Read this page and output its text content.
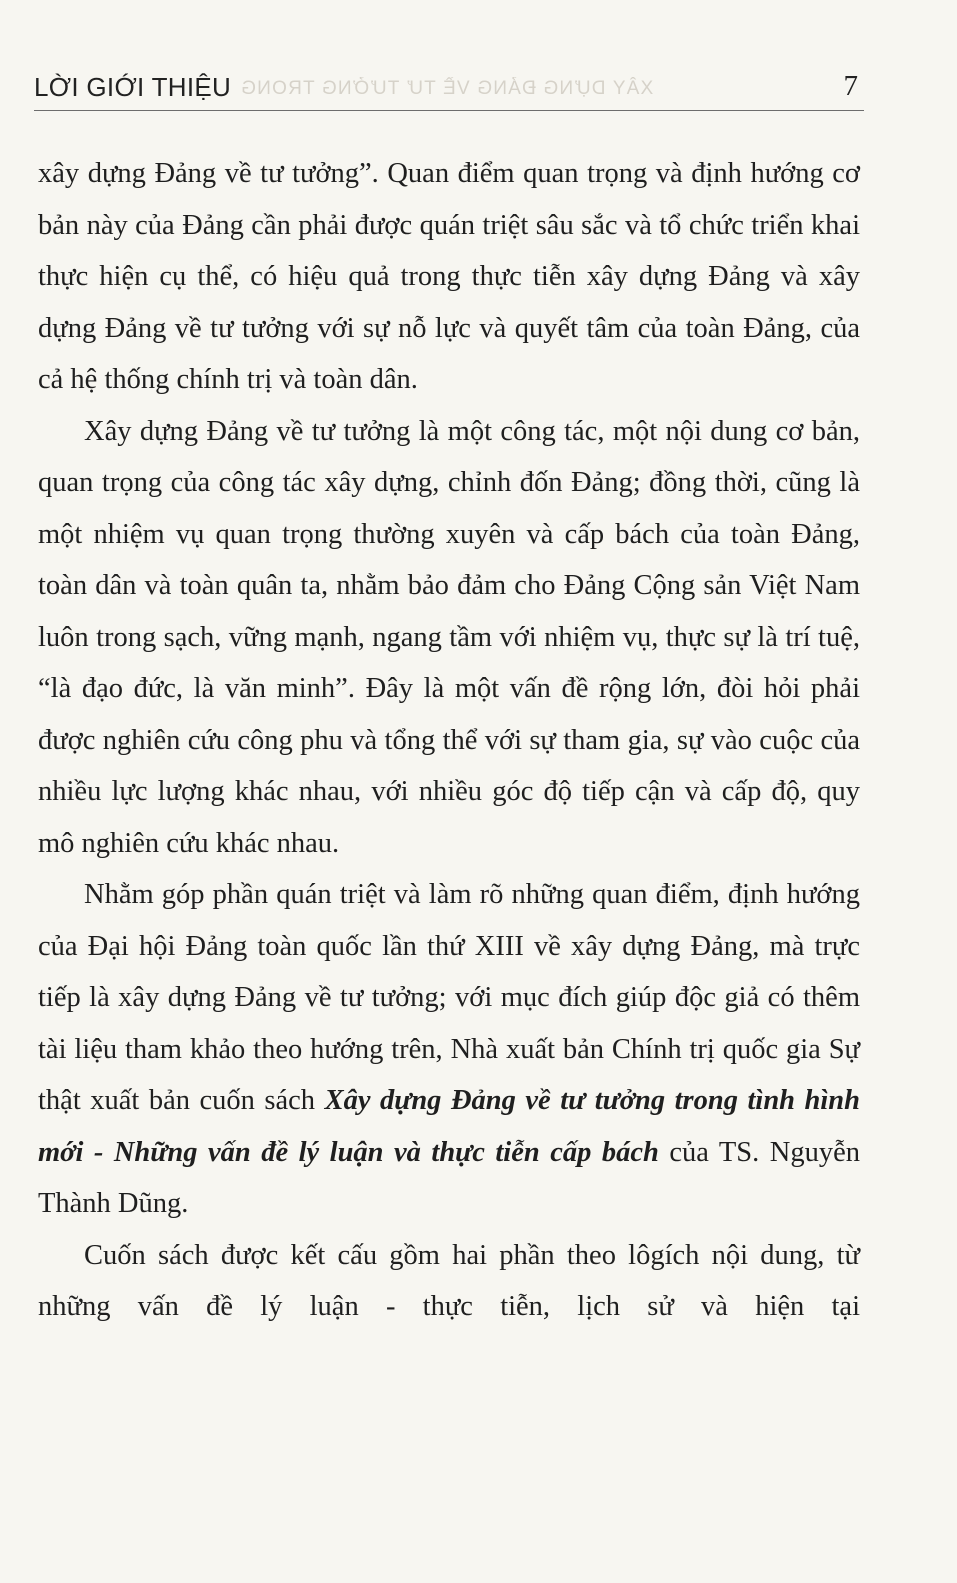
LỜI GIỚI THIỆU	7
XÂY DỰNG ĐẢNG VỀ TƯ TƯỞNG TRONG

xây dựng Đảng về tư tưởng”. Quan điểm quan trọng và định hướng cơ bản này của Đảng cần phải được quán triệt sâu sắc và tổ chức triển khai thực hiện cụ thể, có hiệu quả trong thực tiễn xây dựng Đảng và xây dựng Đảng về tư tưởng với sự nỗ lực và quyết tâm của toàn Đảng, của cả hệ thống chính trị và toàn dân.

Xây dựng Đảng về tư tưởng là một công tác, một nội dung cơ bản, quan trọng của công tác xây dựng, chỉnh đốn Đảng; đồng thời, cũng là một nhiệm vụ quan trọng thường xuyên và cấp bách của toàn Đảng, toàn dân và toàn quân ta, nhằm bảo đảm cho Đảng Cộng sản Việt Nam luôn trong sạch, vững mạnh, ngang tầm với nhiệm vụ, thực sự là trí tuệ, “là đạo đức, là văn minh”. Đây là một vấn đề rộng lớn, đòi hỏi phải được nghiên cứu công phu và tổng thể với sự tham gia, sự vào cuộc của nhiều lực lượng khác nhau, với nhiều góc độ tiếp cận và cấp độ, quy mô nghiên cứu khác nhau.

Nhằm góp phần quán triệt và làm rõ những quan điểm, định hướng của Đại hội Đảng toàn quốc lần thứ XIII về xây dựng Đảng, mà trực tiếp là xây dựng Đảng về tư tưởng; với mục đích giúp độc giả có thêm tài liệu tham khảo theo hướng trên, Nhà xuất bản Chính trị quốc gia Sự thật xuất bản cuốn sách Xây dựng Đảng về tư tưởng trong tình hình mới - Những vấn đề lý luận và thực tiễn cấp bách của TS. Nguyễn Thành Dũng.

Cuốn sách được kết cấu gồm hai phần theo lôgích nội dung, từ những vấn đề lý luận - thực tiễn, lịch sử và hiện tại
